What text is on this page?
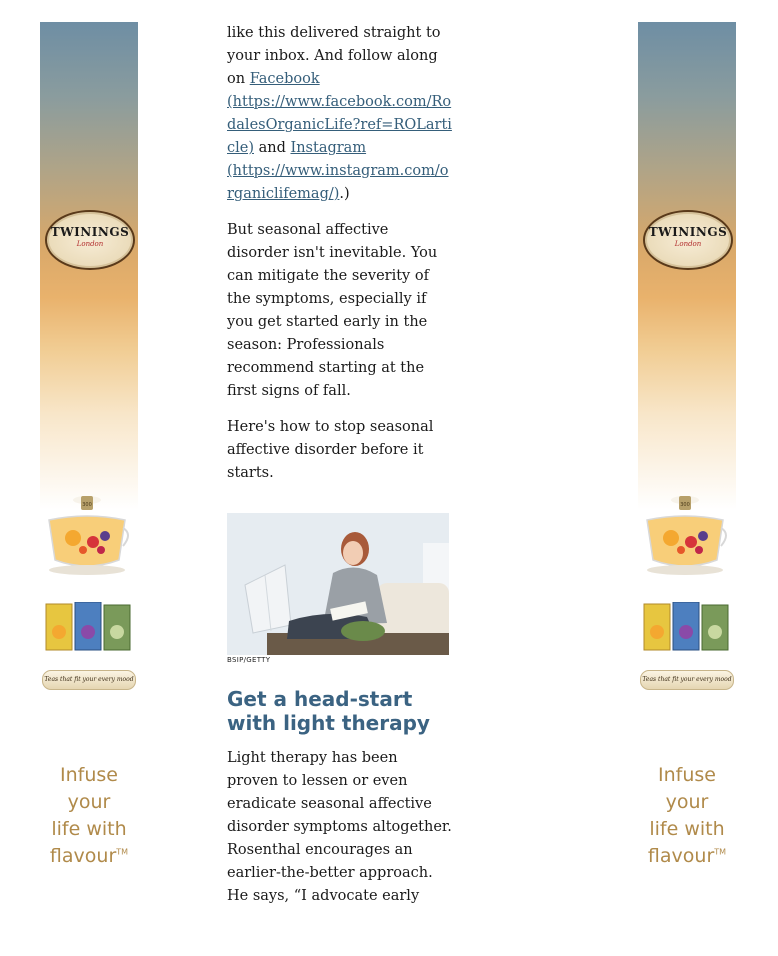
TWININGS
London
300
Teas that fit your every mood
Infuse
your
life with
flavour™
TWININGS
London
300
Teas that fit your every mood
Infuse
your
life with
flavour™

like this delivered straight to your inbox. And follow along on Facebook
(https://www.facebook.com/RodalesOrganicLife?ref=ROLarticle) and Instagram
(https://www.instagram.com/organiclifemag/).)

But seasonal affective disorder isn't inevitable. You can mitigate the severity of the symptoms, especially if you get started early in the season: Professionals recommend starting at the first signs of fall.

Here's how to stop seasonal affective disorder before it starts.

BSIP/GETTY

Get a head-start with light therapy

Light therapy has been proven to lessen or even eradicate seasonal affective disorder symptoms altogether. Rosenthal encourages an earlier-the-better approach. He says, “I advocate early
